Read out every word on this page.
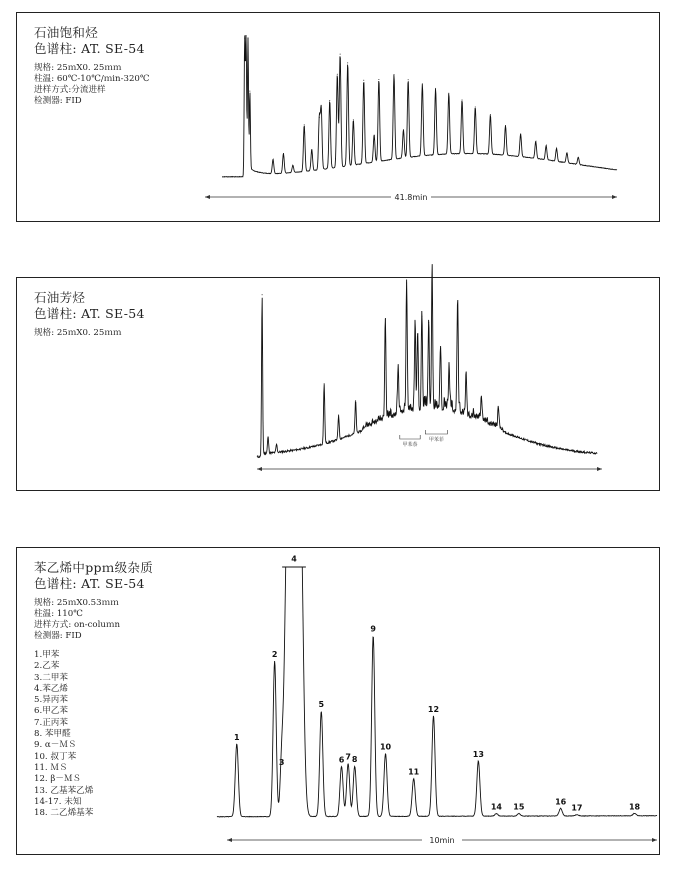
石油饱和烃
色谱柱: AT. SE-54
规格: 25ｍX0. 25ｍｍ
柱温: 60℃-10℃/ｍin-320℃
进样方式:分流进样
检测器: FID
41.8min
石油芳烃
色谱柱: AT. SE-54
规格: 25ｍX0. 25ｍｍ
甲苯萘
甲苯菲
苯乙烯中ppｍ级杂质
色谱柱: AT. SE-54
规格: 25ｍX0.53ｍｍ
柱温: 110℃
进样方式: on-coluｍn
检测器: FID
1.甲苯
2.乙苯
3.二甲苯
4.苯乙烯
5.异丙苯
6.甲乙苯
7.正丙苯
8. 苯甲醛
9. α－ＭＳ
10. 叔丁苯
11. ＭＳ
12. β－ＭＳ
13. 乙基苯乙烯
14-17. 未知
18. 二乙烯基苯
1
2
3
4
5
6 7 8
9
10
11
12
13
14 15
16
17	18
10min
